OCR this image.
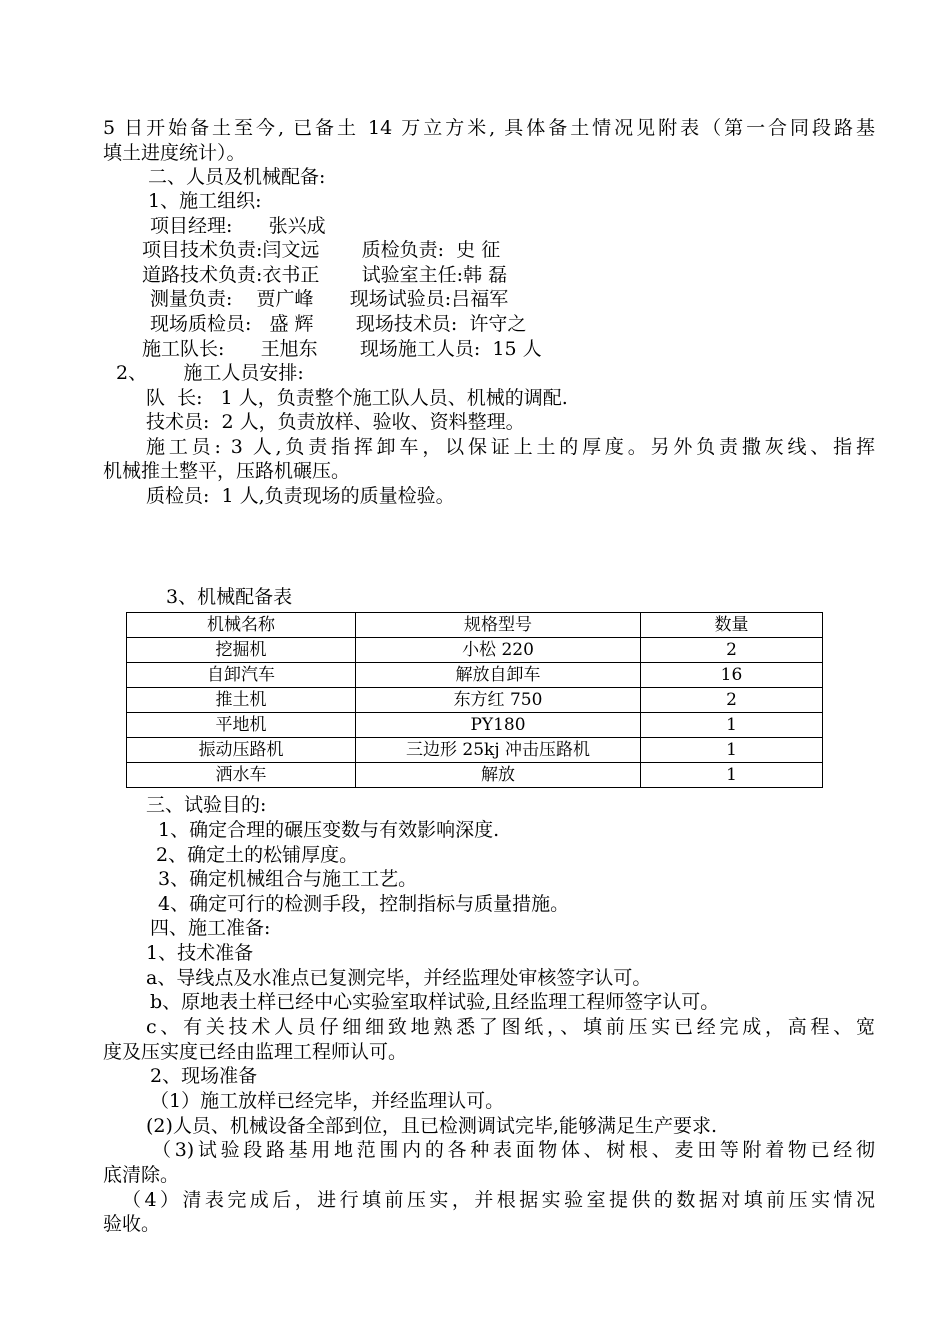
5 日开始备土至今, 已备土 14 万立方米, 具体备土情况见附表（第一合同段路基
填土进度统计）。
二、人员及机械配备:
1、施工组织:
项目经理:      张兴成
项目技术负责:闫文远       质检负责:  史 征
道路技术负责:衣书正       试验室主任:韩 磊
测量负责:    贾广峰      现场试验员:吕福军
现场质检员:   盛 辉       现场技术员:  许守之
施工队长:      王旭东       现场施工人员:  15 人
2、      施工人员安排:
队  长:   1 人，负责整个施工队人员、机械的调配.
技术员:  2 人，负责放样、验收、资料整理。
施工员: 3 人,负责指挥卸车，以保证上土的厚度。另外负责撒灰线、指挥
机械推土整平，压路机碾压。
质检员:  1 人,负责现场的质量检验。
3、机械配备表
机械名称	规格型号	数量
挖掘机	小松 220	2
自卸汽车	解放自卸车	16
推土机	东方红 750	2
平地机	PY180	1
振动压路机	三边形 25kj 冲击压路机	1
洒水车	解放	1
三、试验目的:
1、确定合理的碾压变数与有效影响深度.
2、确定土的松铺厚度。
3、确定机械组合与施工工艺。
4、确定可行的检测手段，控制指标与质量措施。
四、施工准备:
1、技术准备
a、导线点及水准点已复测完毕，并经监理处审核签字认可。
b、原地表土样已经中心实验室取样试验,且经监理工程师签字认可。
c、有关技术人员仔细细致地熟悉了图纸，、填前压实已经完成，高程、宽
度及压实度已经由监理工程师认可。
2、现场准备
（1）施工放样已经完毕，并经监理认可。
(2)人员、机械设备全部到位，且已检测调试完毕,能够满足生产要求.
（3)试验段路基用地范围内的各种表面物体、树根、麦田等附着物已经彻
底清除。
（4）清表完成后，进行填前压实，并根据实验室提供的数据对填前压实情况
验收。
